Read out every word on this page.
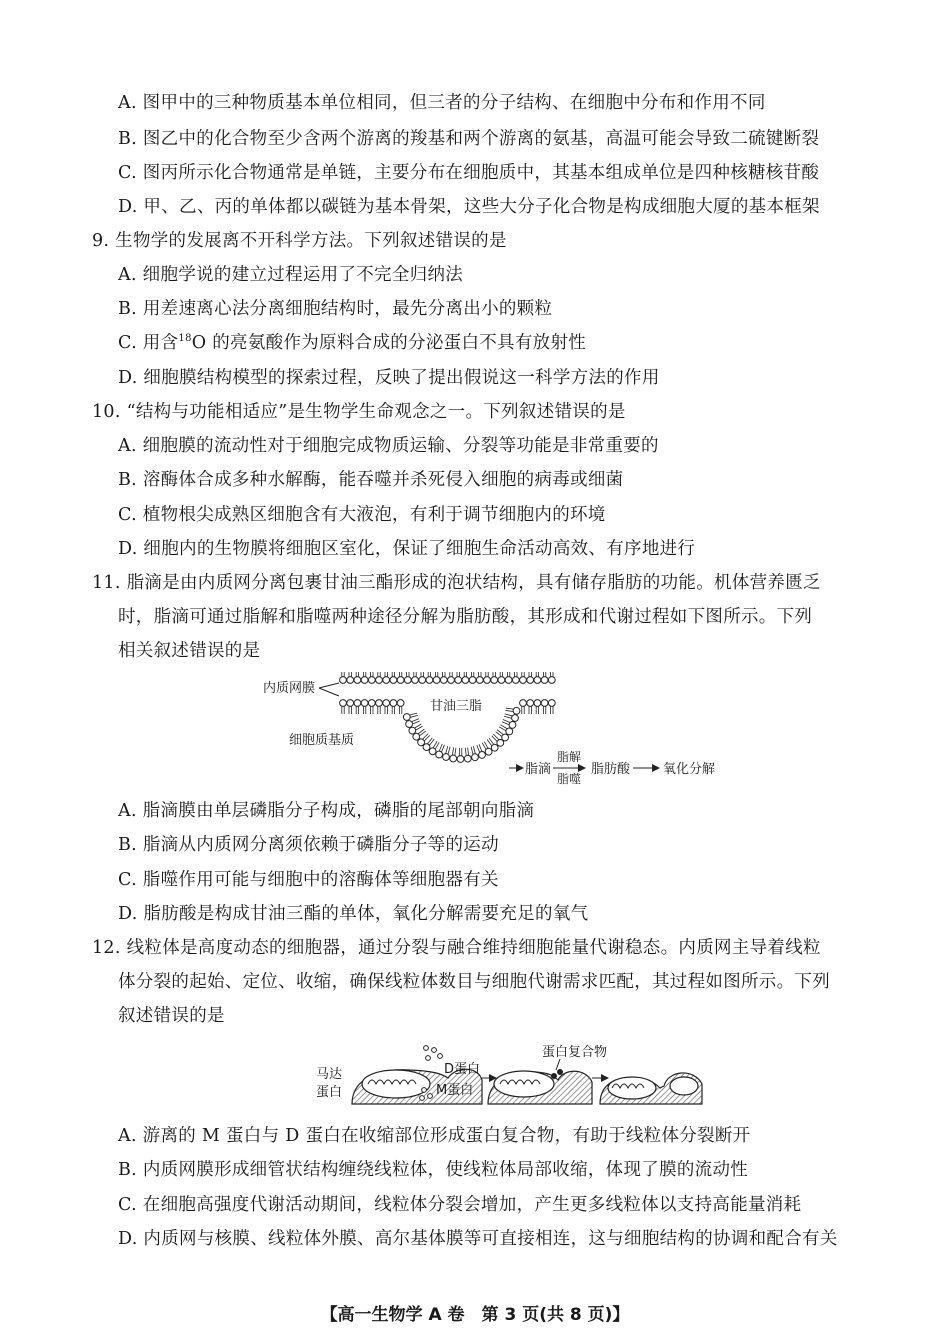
A. 图甲中的三种物质基本单位相同，但三者的分子结构、在细胞中分布和作用不同
B. 图乙中的化合物至少含两个游离的羧基和两个游离的氨基，高温可能会导致二硫键断裂
C. 图丙所示化合物通常是单链，主要分布在细胞质中，其基本组成单位是四种核糖核苷酸
D. 甲、乙、丙的单体都以碳链为基本骨架，这些大分子化合物是构成细胞大厦的基本框架
9. 生物学的发展离不开科学方法。下列叙述错误的是
A. 细胞学说的建立过程运用了不完全归纳法
B. 用差速离心法分离细胞结构时，最先分离出小的颗粒
C. 用含$^{18}$O 的亮氨酸作为原料合成的分泌蛋白不具有放射性
D. 细胞膜结构模型的探索过程，反映了提出假说这一科学方法的作用
10. “结构与功能相适应”是生物学生命观念之一。下列叙述错误的是
A. 细胞膜的流动性对于细胞完成物质运输、分裂等功能是非常重要的
B. 溶酶体合成多种水解酶，能吞噬并杀死侵入细胞的病毒或细菌
C. 植物根尖成熟区细胞含有大液泡，有利于调节细胞内的环境
D. 细胞内的生物膜将细胞区室化，保证了细胞生命活动高效、有序地进行
11. 脂滴是由内质网分离包裹甘油三酯形成的泡状结构，具有储存脂肪的功能。机体营养匮乏
时，脂滴可通过脂解和脂噬两种途径分解为脂肪酸，其形成和代谢过程如下图所示。下列
相关叙述错误的是
内质网膜
甘油三脂
细胞质基质
脂滴
脂解
脂噬
脂肪酸	氧化分解
A. 脂滴膜由单层磷脂分子构成，磷脂的尾部朝向脂滴
B. 脂滴从内质网分离须依赖于磷脂分子等的运动
C. 脂噬作用可能与细胞中的溶酶体等细胞器有关
D. 脂肪酸是构成甘油三酯的单体，氧化分解需要充足的氧气
12. 线粒体是高度动态的细胞器，通过分裂与融合维持细胞能量代谢稳态。内质网主导着线粒
体分裂的起始、定位、收缩，确保线粒体数目与细胞代谢需求匹配，其过程如图所示。下列
叙述错误的是
马达
蛋白
D蛋白
M蛋白
蛋白复合物
A. 游离的 M 蛋白与 D 蛋白在收缩部位形成蛋白复合物，有助于线粒体分裂断开
B. 内质网膜形成细管状结构缠绕线粒体，使线粒体局部收缩，体现了膜的流动性
C. 在细胞高强度代谢活动期间，线粒体分裂会增加，产生更多线粒体以支持高能量消耗
D. 内质网与核膜、线粒体外膜、高尔基体膜等可直接相连，这与细胞结构的协调和配合有关
【高一生物学 A 卷　第 3 页(共 8 页)】
